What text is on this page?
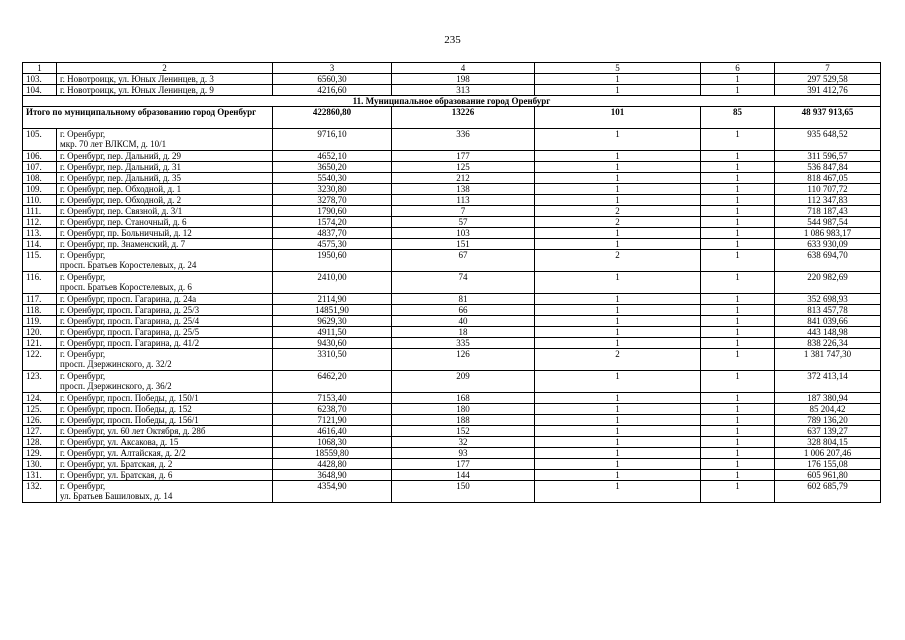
235
1	2	3	4	5	6	7
103.	г. Новотроицк, ул. Юных Ленинцев, д. 3	6560,30	198	1	1	297 529,58
104.	г. Новотроицк, ул. Юных Ленинцев, д. 9	4216,60	313	1	1	391 412,76
11. Муниципальное образование город Оренбург						
Итого по муниципальному образованию город Оренбург		422860,80	13226	101	85	48 937 913,65
105.	г. Оренбург,
мкр. 70 лет ВЛКСМ, д. 10/1	9716,10	336	1	1	935 648,52
106.	г. Оренбург, пер. Дальний, д. 29	4652,10	177	1	1	311 596,57
107.	г. Оренбург, пер. Дальний, д. 31	3650,20	125	1	1	536 847,84
108.	г. Оренбург, пер. Дальний, д. 35	5540,30	212	1	1	818 467,05
109.	г. Оренбург, пер. Обходной, д. 1	3230,80	138	1	1	110 707,72
110.	г. Оренбург, пер. Обходной, д. 2	3278,70	113	1	1	112 347,83
111.	г. Оренбург, пер. Связной, д. 3/1	1790,60	7	2	1	718 187,43
112.	г. Оренбург, пер. Станочный, д. 6	1574,20	57	2	1	544 987,54
113.	г. Оренбург, пр. Больничный, д. 12	4837,70	103	1	1	1 086 983,17
114.	г. Оренбург, пр. Знаменский, д. 7	4575,30	151	1	1	633 930,09
115.	г. Оренбург,
просп. Братьев Коростелевых, д. 24	1950,60	67	2	1	638 694,70
116.	г. Оренбург,
просп. Братьев Коростелевых, д. 6	2410,00	74	1	1	220 982,69
117.	г. Оренбург, просп. Гагарина, д. 24а	2114,90	81	1	1	352 698,93
118.	г. Оренбург, просп. Гагарина, д. 25/3	14851,90	66	1	1	813 457,78
119.	г. Оренбург, просп. Гагарина, д. 25/4	9629,30	40	1	1	841 039,66
120.	г. Оренбург, просп. Гагарина, д. 25/5	4911,50	18	1	1	443 148,98
121.	г. Оренбург, просп. Гагарина, д. 41/2	9430,60	335	1	1	838 226,34
122.	г. Оренбург,
просп. Дзержинского, д. 32/2	3310,50	126	2	1	1 381 747,30
123.	г. Оренбург,
просп. Дзержинского, д. 36/2	6462,20	209	1	1	372 413,14
124.	г. Оренбург, просп. Победы, д. 150/1	7153,40	168	1	1	187 380,94
125.	г. Оренбург, просп. Победы, д. 152	6238,70	180	1	1	85 204,42
126.	г. Оренбург, просп. Победы, д. 156/1	7121,90	188	1	1	789 136,20
127.	г. Оренбург, ул. 60 лет Октября, д. 28б	4616,40	152	1	1	637 139,27
128.	г. Оренбург, ул. Аксакова, д. 15	1068,30	32	1	1	328 804,15
129.	г. Оренбург, ул. Алтайская, д. 2/2	18559,80	93	1	1	1 006 207,46
130.	г. Оренбург, ул. Братская, д. 2	4428,80	177	1	1	176 155,08
131.	г. Оренбург, ул. Братская, д. 6	3648,90	144	1	1	605 961,80
132.	г. Оренбург,
ул. Братьев Башиловых, д. 14	4354,90	150	1	1	602 685,79
